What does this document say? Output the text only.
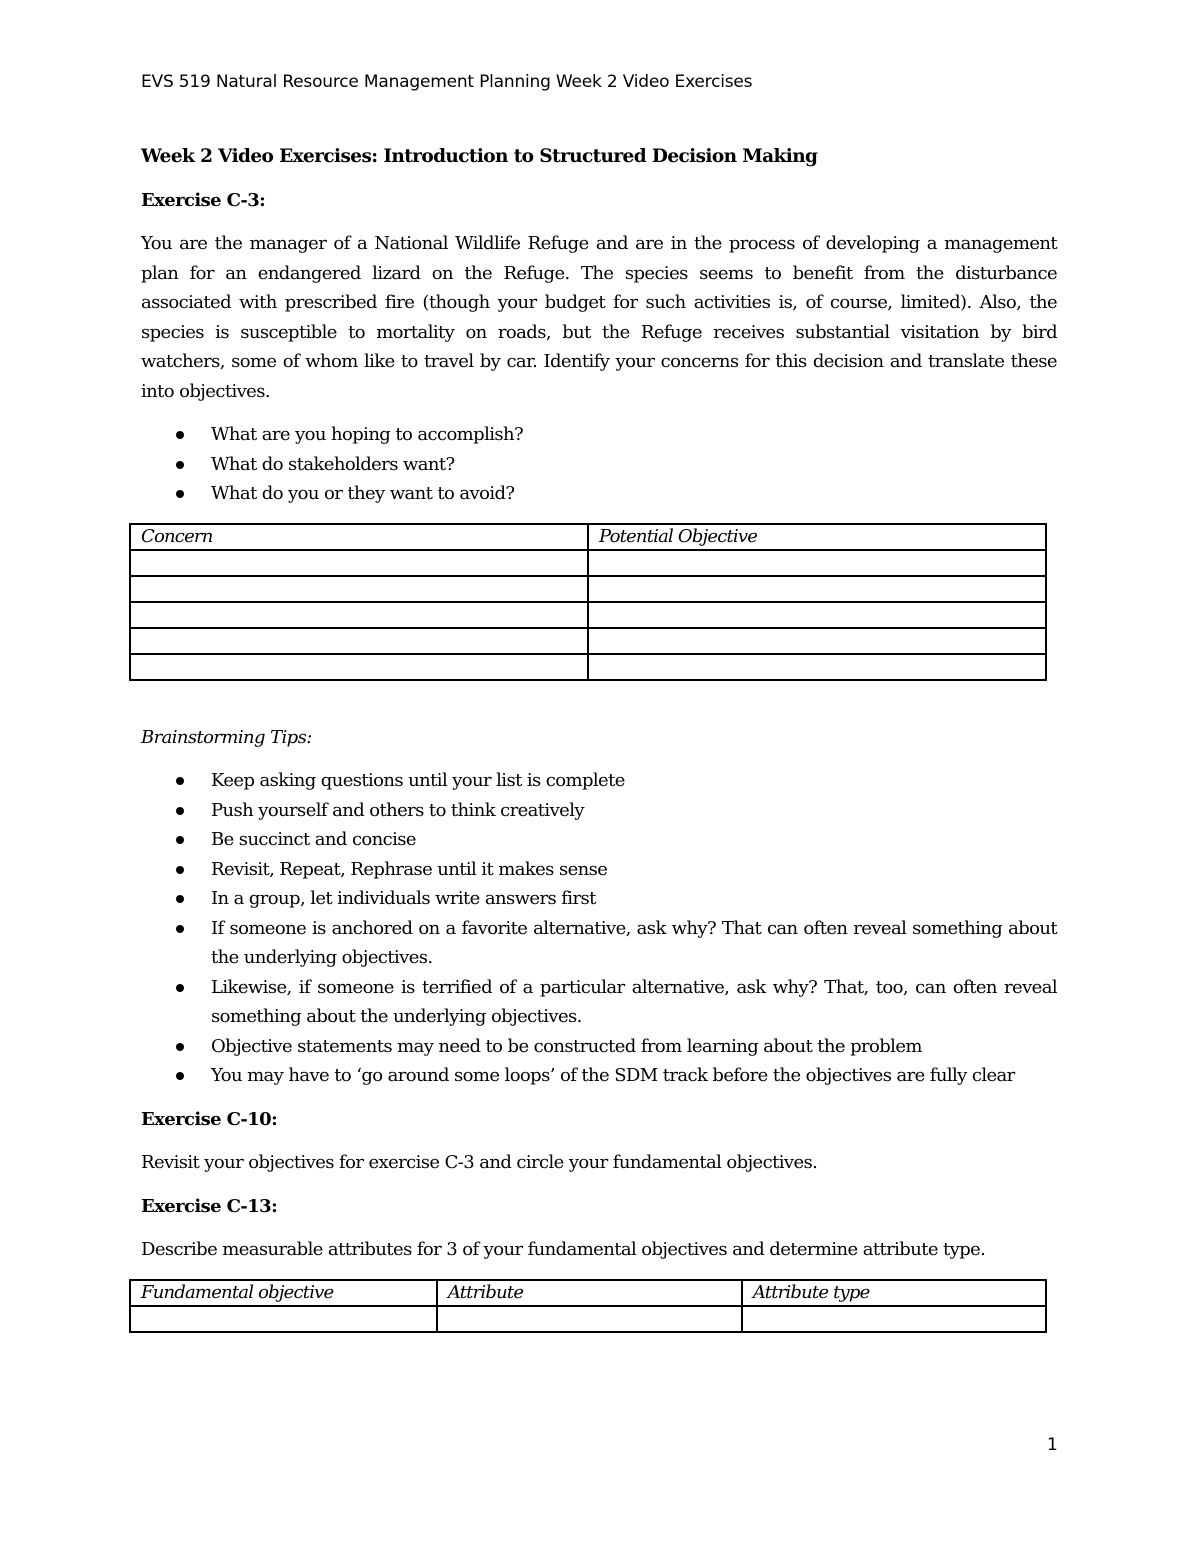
EVS 519 Natural Resource Management Planning Week 2 Video Exercises
Week 2 Video Exercises: Introduction to Structured Decision Making
Exercise C-3:
You are the manager of a National Wildlife Refuge and are in the process of developing a management plan for an endangered lizard on the Refuge. The species seems to benefit from the disturbance associated with prescribed fire (though your budget for such activities is, of course, limited). Also, the species is susceptible to mortality on roads, but the Refuge receives substantial visitation by bird watchers, some of whom like to travel by car. Identify your concerns for this decision and translate these into objectives.
What are you hoping to accomplish?
What do stakeholders want?
What do you or they want to avoid?
Concern	Potential Objective

Brainstorming Tips:
Keep asking questions until your list is complete
Push yourself and others to think creatively
Be succinct and concise
Revisit, Repeat, Rephrase until it makes sense
In a group, let individuals write answers first
If someone is anchored on a favorite alternative, ask why? That can often reveal something about the underlying objectives.
Likewise, if someone is terrified of a particular alternative, ask why? That, too, can often reveal something about the underlying objectives.
Objective statements may need to be constructed from learning about the problem
You may have to ‘go around some loops’ of the SDM track before the objectives are fully clear
Exercise C-10:
Revisit your objectives for exercise C-3 and circle your fundamental objectives.
Exercise C-13:
Describe measurable attributes for 3 of your fundamental objectives and determine attribute type.
Fundamental objective	Attribute	Attribute type

1
